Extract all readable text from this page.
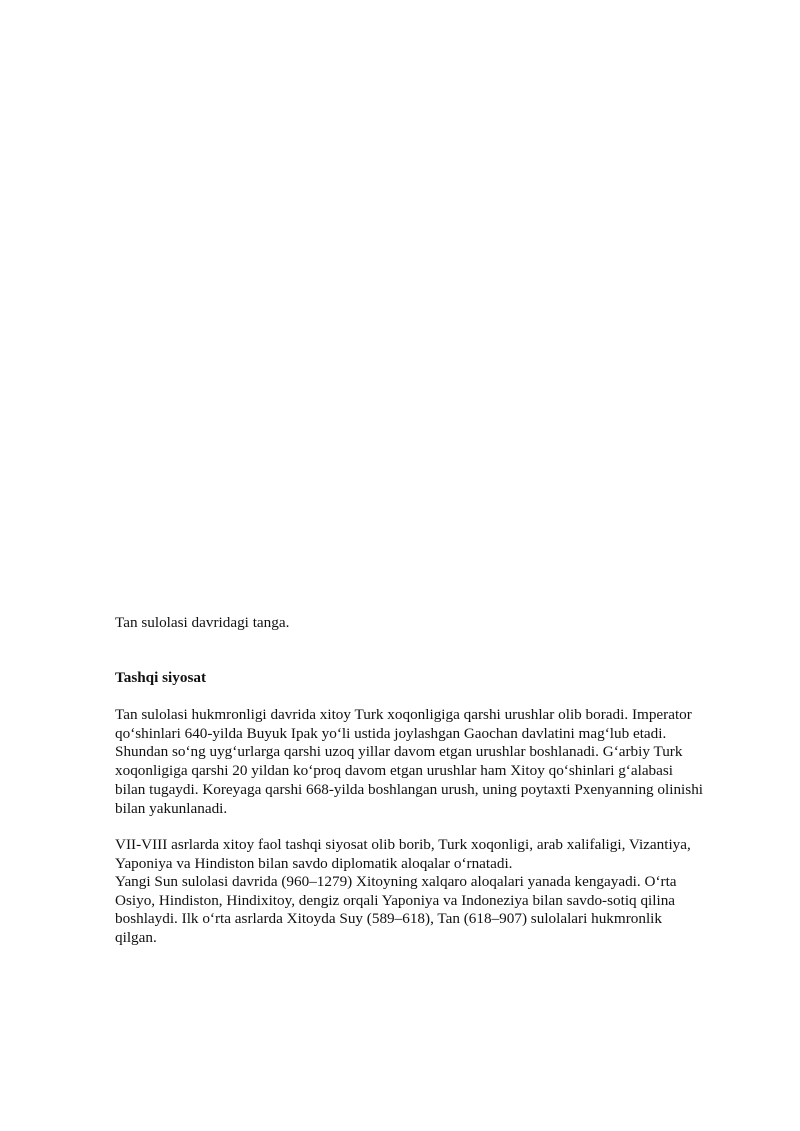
Tan sulolasi davridagi tanga.

Tashqi siyosat

Tan sulolasi hukmronligi davrida xitoy Turk xoqonligiga qarshi urushlar olib boradi. Imperator
qo‘shinlari 640-yilda Buyuk Ipak yo‘li ustida joylashgan Gaochan davlatini mag‘lub etadi.
Shundan so‘ng uyg‘urlarga qarshi uzoq yillar davom etgan urushlar boshlanadi. G‘arbiy Turk
xoqonligiga qarshi 20 yildan ko‘proq davom etgan urushlar ham Xitoy qo‘shinlari g‘alabasi
bilan tugaydi. Koreyaga qarshi 668-yilda boshlangan urush, uning poytaxti Pxenyanning olinishi
bilan yakunlanadi.

VII-VIII asrlarda xitoy faol tashqi siyosat olib borib, Turk xoqonligi, arab xalifaligi, Vizantiya,
Yaponiya va Hindiston bilan savdo diplomatik aloqalar o‘rnatadi.

Yangi Sun sulolasi davrida (960–1279) Xitoyning xalqaro aloqalari yanada kengayadi. O‘rta
Osiyo, Hindiston, Hindixitoy, dengiz orqali Yaponiya va Indoneziya bilan savdo-sotiq qilina
boshlaydi. Ilk o‘rta asrlarda Xitoyda Suy (589–618), Tan (618–907) sulolalari hukmronlik
qilgan.
